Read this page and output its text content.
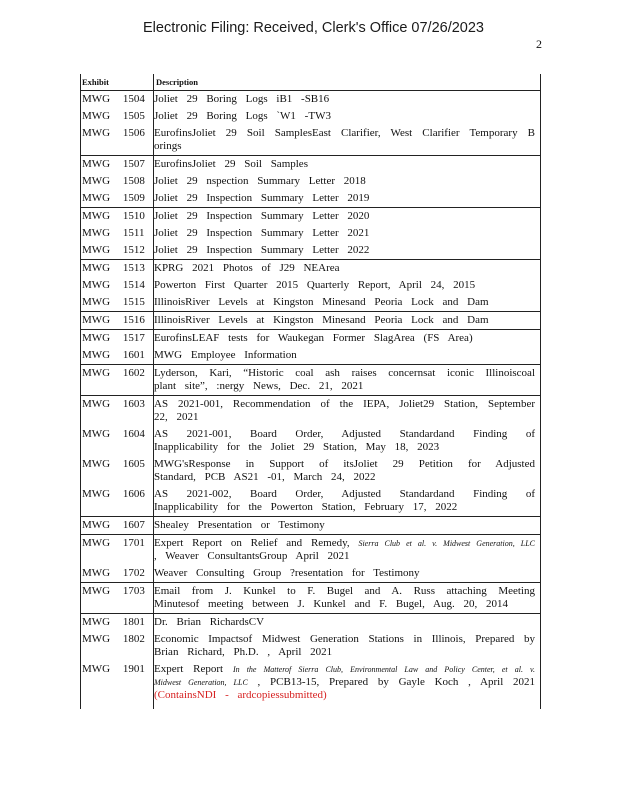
Electronic Filing: Received, Clerk's Office 07/26/2023
2
Exhibit	Description
MWG 1504 Joliet 29 Boring Logs iB1 -SB16
MWG 1505 Joliet 29 Boring Logs `W1 -TW3
MWG 1506 EurofinsJoliet 29 Soil SamplesEast Clarifier, West Clarifier Temporary B orings
MWG 1507 EurofinsJoliet 29 Soil Samples
MWG 1508 Joliet 29 nspection Summary Letter 2018
MWG 1509 Joliet 29 Inspection Summary Letter 2019
MWG 1510 Joliet 29 Inspection Summary Letter 2020
MWG 1511 Joliet 29 Inspection Summary Letter 2021
MWG 1512 Joliet 29 Inspection Summary Letter 2022
MWG 1513 KPRG 2021 Photos of J29 NEArea
MWG 1514 Powerton First Quarter 2015 Quarterly Report, April 24, 2015
MWG 1515 IllinoisRiver Levels at Kingston Minesand Peoria Lock and Dam
MWG 1516 IllinoisRiver Levels at Kingston Minesand Peoria Lock and Dam
MWG 1517 EurofinsLEAF tests for Waukegan Former SlagArea (FS Area)
MWG 1601 MWG Employee Information
MWG 1602 Lyderson, Kari, “Historic coal ash raises concernsat iconic Illinoiscoal plant site”, :nergy News, Dec. 21, 2021
MWG 1603 AS 2021-001, Recommendation of the IEPA, Joliet29 Station, September 22, 2021
MWG 1604 AS 2021-001, Board Order, Adjusted Standardand Finding of Inapplicability for the Joliet 29 Station, May 18, 2023
MWG 1605 MWG'sResponse in Support of itsJoliet 29 Petition for Adjusted Standard, PCB AS21 -01, March 24, 2022
MWG 1606 AS 2021-002, Board Order, Adjusted Standardand Finding of Inapplicability for the Powerton Station, February 17, 2022
MWG 1607 Shealey Presentation or Testimony
MWG 1701 Expert Report on Relief and Remedy, Sierra Club et al. v. Midwest Generation, LLC , Weaver ConsultantsGroup April 2021
MWG 1702 Weaver Consulting Group ?resentation for Testimony
MWG 1703 Email from J. Kunkel to F. Bugel and A. Russ attaching Meeting Minutesof meeting between J. Kunkel and F. Bugel, Aug. 20, 2014
MWG 1801 Dr. Brian RichardsCV
MWG 1802 Economic Impactsof Midwest Generation Stations in Illinois, Prepared by Brian Richard, Ph.D. , April 2021
MWG 1901 Expert Report In the Matterof Sierra Club, Environmental Law and Policy Center, et al. v. Midwest Generation, LLC , PCB13-15, Prepared by Gayle Koch , April 2021 (ContainsNDI - ardcopiessubmitted)
